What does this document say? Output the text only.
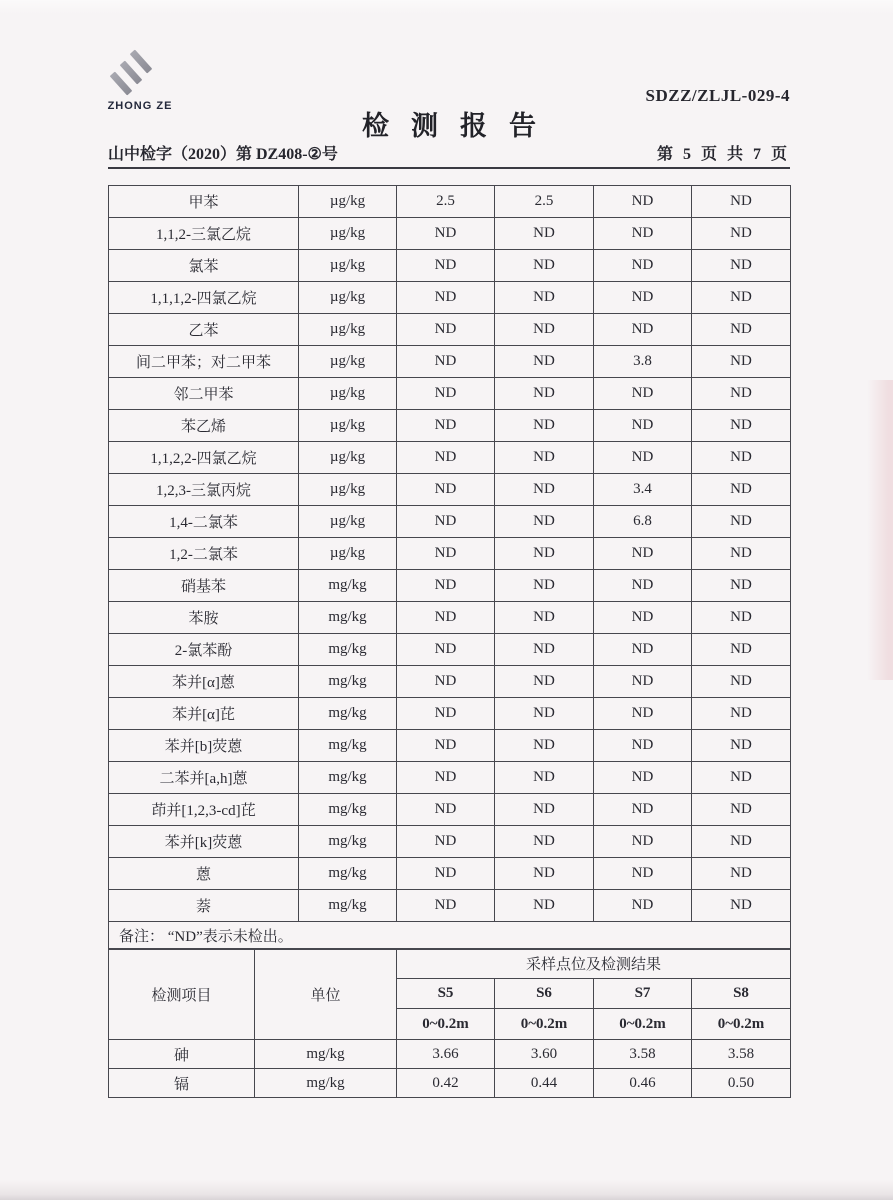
ZHONG ZE
SDZZ/ZLJL-029-4
检测报告
山中检字（2020）第 DZ408-②号	第 5 页 共 7 页
甲苯	µg/kg	2.5	2.5	ND	ND
1,1,2-三氯乙烷	µg/kg	ND	ND	ND	ND
氯苯	µg/kg	ND	ND	ND	ND
1,1,1,2-四氯乙烷	µg/kg	ND	ND	ND	ND
乙苯	µg/kg	ND	ND	ND	ND
间二甲苯；对二甲苯	µg/kg	ND	ND	3.8	ND
邻二甲苯	µg/kg	ND	ND	ND	ND
苯乙烯	µg/kg	ND	ND	ND	ND
1,1,2,2-四氯乙烷	µg/kg	ND	ND	ND	ND
1,2,3-三氯丙烷	µg/kg	ND	ND	3.4	ND
1,4-二氯苯	µg/kg	ND	ND	6.8	ND
1,2-二氯苯	µg/kg	ND	ND	ND	ND
硝基苯	mg/kg	ND	ND	ND	ND
苯胺	mg/kg	ND	ND	ND	ND
2-氯苯酚	mg/kg	ND	ND	ND	ND
苯并[α]蒽	mg/kg	ND	ND	ND	ND
苯并[α]芘	mg/kg	ND	ND	ND	ND
苯并[b]荧蒽	mg/kg	ND	ND	ND	ND
二苯并[a,h]蒽	mg/kg	ND	ND	ND	ND
茚并[1,2,3-cd]芘	mg/kg	ND	ND	ND	ND
苯并[k]荧蒽	mg/kg	ND	ND	ND	ND
蒽	mg/kg	ND	ND	ND	ND
萘	mg/kg	ND	ND	ND	ND
备注： “ND”表示未检出。					
检测项目	单位	采样点位及检测结果			
		S5	S6	S7	S8
		0~0.2m	0~0.2m	0~0.2m	0~0.2m
砷	mg/kg	3.66	3.60	3.58	3.58
镉	mg/kg	0.42	0.44	0.46	0.50
